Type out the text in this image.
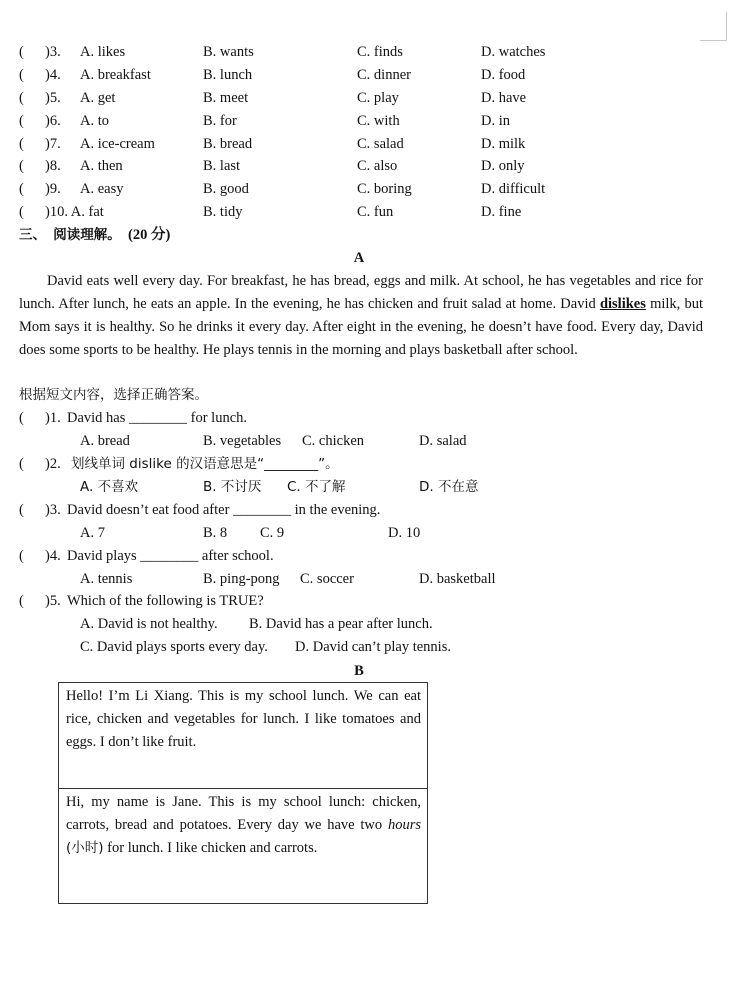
( )3. A. likes	B. wants	C. finds	D. watches
( )4. A. breakfast	B. lunch	C. dinner	D. food
( )5. A. get	B. meet	C. play	D. have
( )6. A. to	B. for	C. with	D. in
( )7. A. ice-cream	B. bread	C. salad	D. milk
( )8. A. then	B. last	C. also	D. only
( )9. A. easy	B. good	C. boring	D. difficult
( )10. A. fat	B. tidy	C. fun	D. fine
三、 阅读理解。 (20 分)
A
David eats well every day. For breakfast, he has bread, eggs and milk. At school, he has vegetables and rice for lunch. After lunch, he eats an apple. In the evening, he has chicken and fruit salad at home. David dislikes milk, but Mom says it is healthy. So he drinks it every day. After eight in the evening, he doesn’t have food. Every day, David does some sports to be healthy. He plays tennis in the morning and plays basketball after school.
根据短文内容，选择正确答案。
( )1. David has ________ for lunch.
A. bread	B. vegetables C. chicken	D. salad
( )2. 划线单词 dislike 的汉语意思是“________”。
A. 不喜欢	B. 不讨厌 C. 不了解	D. 不在意
( )3. David doesn’t eat food after ________ in the evening.
A. 7	B. 8 C. 9	D. 10
( )4. David plays ________ after school.
A. tennis	B. ping-pong C. soccer	D. basketball
( )5. Which of the following is TRUE?
A. David is not healthy. B. David has a pear after lunch.
C. David plays sports every day. D. David can’t play tennis.
B
Hello! I’m Li Xiang. This is my school lunch. We can eat rice, chicken and vegetables for lunch. I like tomatoes and eggs. I don’t like fruit.
Hi, my name is Jane. This is my school lunch: chicken, carrots, bread and potatoes. Every day we have two hours (小时) for lunch. I like chicken and carrots.
